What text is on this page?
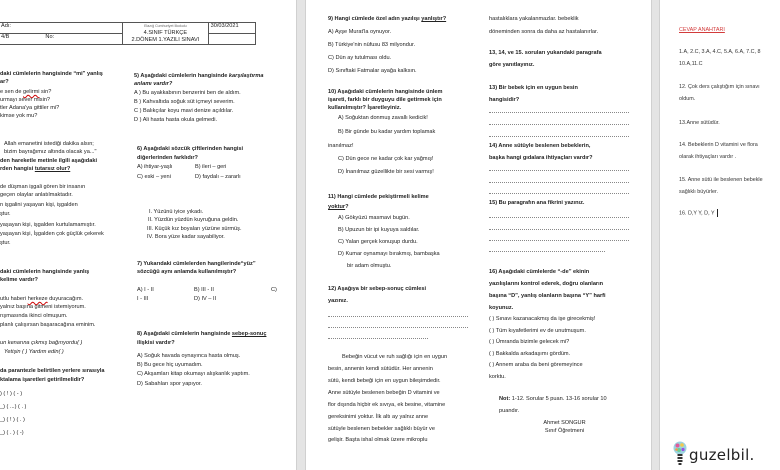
Adı:	Elazığ Cumhuriyet İlkokulu
4.SINIF TÜRKÇE
2.DÖNEM 1.YAZILI SINAVI	30/03/2021
4/B No:		
daki cümlelerin hangisinde “mi” yanlış
ar?
e sen de gelirmi sin?
urmayı sever misin?
tler Adana'ya gittiler mi?
kimse yok mu?
Allah emanetini istediği dakika alsın;
bizim bayrağımız altında olacak ya..."
den hareketle metinle ilgili aşağıdaki
rden hangisi tutarsız olur?
de düşman işgali gören bir insanın
geçen olaylar anlatılmaktadır.
n işgalini yaşayan kişi, işgalden
ştur.
yaşayan kişi, işgalden kurtulamamıştır.
yaşayan kişi, İşgalden çok güçlük çekerek
ştur.
daki cümlelerin hangisinde yanlış
kelime vardır?
utlu haberi herkeze duyuracağım.
yalnız başına gitmeni istemiyorum.
rışmasında ikinci olmuşum.
planlı çalışırsan başaracağına eminim.
un kenarına çıkmış bağırıyordu( )
Yetişin ( ) Yardım edin( )
da parantezle belirtilen yerlere sırasıyla
ktalama işaretleri getirilmelidir?
) ( ! ) ( - )
_) ( ...) ( . )
_) ( ! ) ( . )
_) ( . ) ( -)
5) Aşağıdaki cümlelerin hangisinde karşılaştırma
anlamı vardır?
A ) Bu ayakkabının benzerini ben de aldım.
B ) Kahvaltıda soğuk süt içmeyi severim.
C ) Balıkçılar koyu mavi denize açıldılar.
D ) Ali hasta hasta okula gelmedi.
6) Aşağıdaki sözcük çiftlerinden hangisi
diğerlerinden farklıdır?
A) ihtiyar-yaşlı	B) ileri – geri
C) eski – yeni	D) faydalı – zararlı
I. Yüzünü iyice yıkadı.
II. Yüzdün yüzdün kuyruğuna geldin.
III. Küçük kız boyaları yüzüne sürmüş.
IV. Bora yüze kadar sayabiliyor.
7) Yukarıdaki cümlelerden hangilerinde“yüz”
sözcüğü aynı anlamda kullanılmıştır?
A) I - II	B) III - II	C)
I - III	D) IV – II
8) Aşağıdaki cümlelerin hangisinde sebep-sonuç
ilişkisi vardır?
A) Soğuk havada oynayınca hasta olmuş.
B) Bu gece hiç uyumadım.
C) Akşamları kitap okumayı alışkanlık yaptım.
D) Sabahları spor yapıyor.
9) Hangi cümlede özel adın yazılışı yanlıştır?
A) Ayşe Murat'la oynuyor.
B) Türkiye'nin nüfusu 83 milyondur.
C) Dün ay tutulması oldu.
D) Sınıftaki Fatmalar ayağa kalksın.
10) Aşağıdaki cümlelerin hangisinde ünlem
işareti, farklı bir duyguyu dile getirmek için
kullanılmıştır? İşaretleyiniz.
A) Soğuktan donmuş zavallı kedicik!
B) Bir günde bu kadar yardım toplamak
inanılmaz!
C) Dün gece ne kadar çok kar yağmış!
D) İnanılmaz güzellikte bir sesi varmış!
11) Hangi cümlede pekiştirmeli kelime
yoktur?
A) Gökyüzü masmavi bugün.
B) Upuzun bir ipi kuyuya saldılar.
C) Yalan gerçek konuşup durdu.
D) Kumar oynamayı bırakmış, bambaşka
bir adam olmuştu.
12) Aşağıya bir sebep-sonuç cümlesi
yazınız.
Bebeğin vücut ve ruh sağlığı için en uygun
besin, annenin kendi sütüdür. Her annenin
sütü, kendi bebeği için en uygun bileşimdedir.
Anne sütüyle beslenen bebeğin D vitamini ve
flor dışında hiçbir ek sıvıya, ek besine, vitamine
gereksinimi yoktur. İlk altı ay yalnız anne
sütüyle beslenen bebekler sağlıklı büyür ve
gelişir. Başta ishal olmak üzere mikroplu
hastalıklara yakalanmazlar. bebeklik
döneminden sonra da daha az hastalanırlar.
13, 14, ve 15. soruları yukarıdaki paragrafa
göre yanıtlayınız.
13) Bir bebek için en uygun besin
hangisidir?
14) Anne sütüyle beslenen bebeklerin,
başka hangi gıdalara ihtiyaçları vardır?
15) Bu paragrafın ana fikrini yazınız.
16) Aşağıdaki cümlelerde “-de” ekinin
yazılışlarını kontrol ederek, doğru olanların
başına “D”, yanlış olanların başına “Y” harfi
koyunuz.
( ) Sınavı kazanacakmış da işe girecekmiş!
( ) Tüm kıyafetlerimi ev de unutmuşum.
( ) Ümranda bizimle gelecek mi?
( ) Bakkalda arkadaşımı gördüm.
( ) Annem araba da beni göremeyince
korktu.
Not: 1-12. Sorular 5 puan. 13-16 sorular 10
puandır.
Ahmet SONGUR
Sınıf Öğretmeni
CEVAP ANAHTARI
1.A, 2.C, 3.A, 4.C, 5.A, 6.A, 7.C, 8
10.A,11.C
12. Çok ders çalıştığım için sınavı
oldum.
13.Anne sütüdür.
14. Bebeklerin D vitamini ve flora
olarak ihtiyaçları vardır .
15. Anne sütü ile beslenen bebekle
sağlıklı büyürler.
16. D,Y Y, D, Y
guzelbil.
